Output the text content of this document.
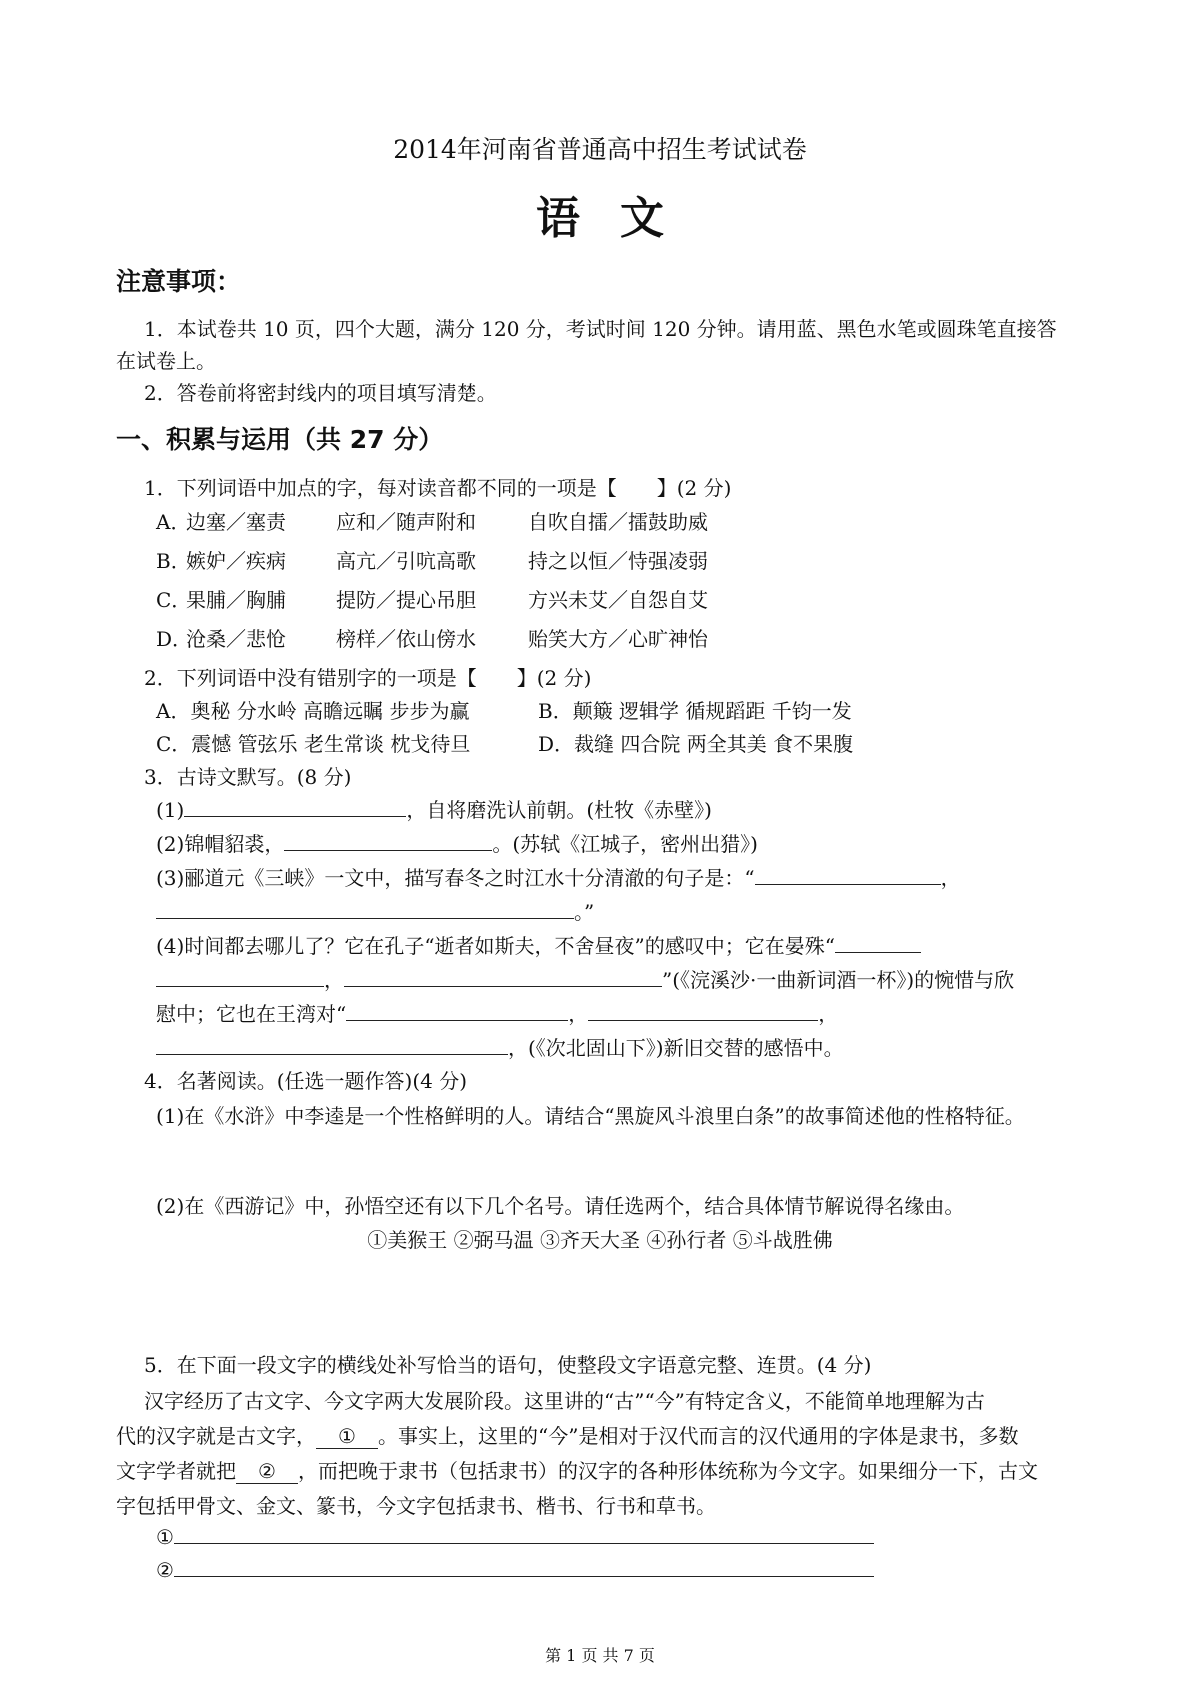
2014年河南省普通高中招生考试试卷
语文
注意事项：
1．本试卷共 10 页，四个大题，满分 120 分，考试时间 120 分钟。请用蓝、黑色水笔或圆珠笔直接答
在试卷上。
2．答卷前将密封线内的项目填写清楚。
一、积累与运用（共 27 分）
1．下列词语中加点的字，每对读音都不同的一项是【　　】(2 分)
A．
边塞／塞责	应和／随声附和	自吹自擂／擂鼓助威
B．
嫉妒／疾病	高亢／引吭高歌	持之以恒／恃强凌弱
C．
果脯／胸脯	提防／提心吊胆	方兴未艾／自怨自艾
D．
沧桑／悲怆	榜样／依山傍水	贻笑大方／心旷神怡
2．下列词语中没有错别字的一项是【　　】(2 分)
A．奥秘 分水岭 高瞻远瞩 步步为赢	B．颠簸 逻辑学 循规蹈距 千钧一发
C．震憾 管弦乐 老生常谈 枕戈待旦	D．裁缝 四合院 两全其美 食不果腹
3．古诗文默写。(8 分)
(1)	，自将磨洗认前朝。(杜牧《赤壁》)
(2)锦帽貂裘，	。(苏轼《江城子，密州出猎》)
(3)郦道元《三峡》一文中，描写春冬之时江水十分清澈的句子是：“	，
。”
(4)时间都去哪儿了？它在孔子“逝者如斯夫，不舍昼夜”的感叹中；它在晏殊“
，	”(《浣溪沙·一曲新词酒一杯》)的惋惜与欣
慰中；它也在王湾对“	，	，
，(《次北固山下》)新旧交替的感悟中。
4．名著阅读。(任选一题作答)(4 分)
(1)在《水浒》中李逵是一个性格鲜明的人。请结合“黑旋风斗浪里白条”的故事简述他的性格特征。
(2)在《西游记》中，孙悟空还有以下几个名号。请任选两个，结合具体情节解说得名缘由。
①美猴王 ②弼马温 ③齐天大圣 ④孙行者 ⑤斗战胜佛
5．在下面一段文字的横线处补写恰当的语句，使整段文字语意完整、连贯。(4 分)
汉字经历了古文字、今文字两大发展阶段。这里讲的“古”“今”有特定含义，不能简单地理解为古
代的汉字就是古文字， ① 。事实上，这里的“今”是相对于汉代而言的汉代通用的字体是隶书，多数
文字学者就把 ② ，而把晚于隶书（包括隶书）的汉字的各种形体统称为今文字。如果细分一下，古文
字包括甲骨文、金文、篆书，今文字包括隶书、楷书、行书和草书。
①
②
第 1 页 共 7 页
